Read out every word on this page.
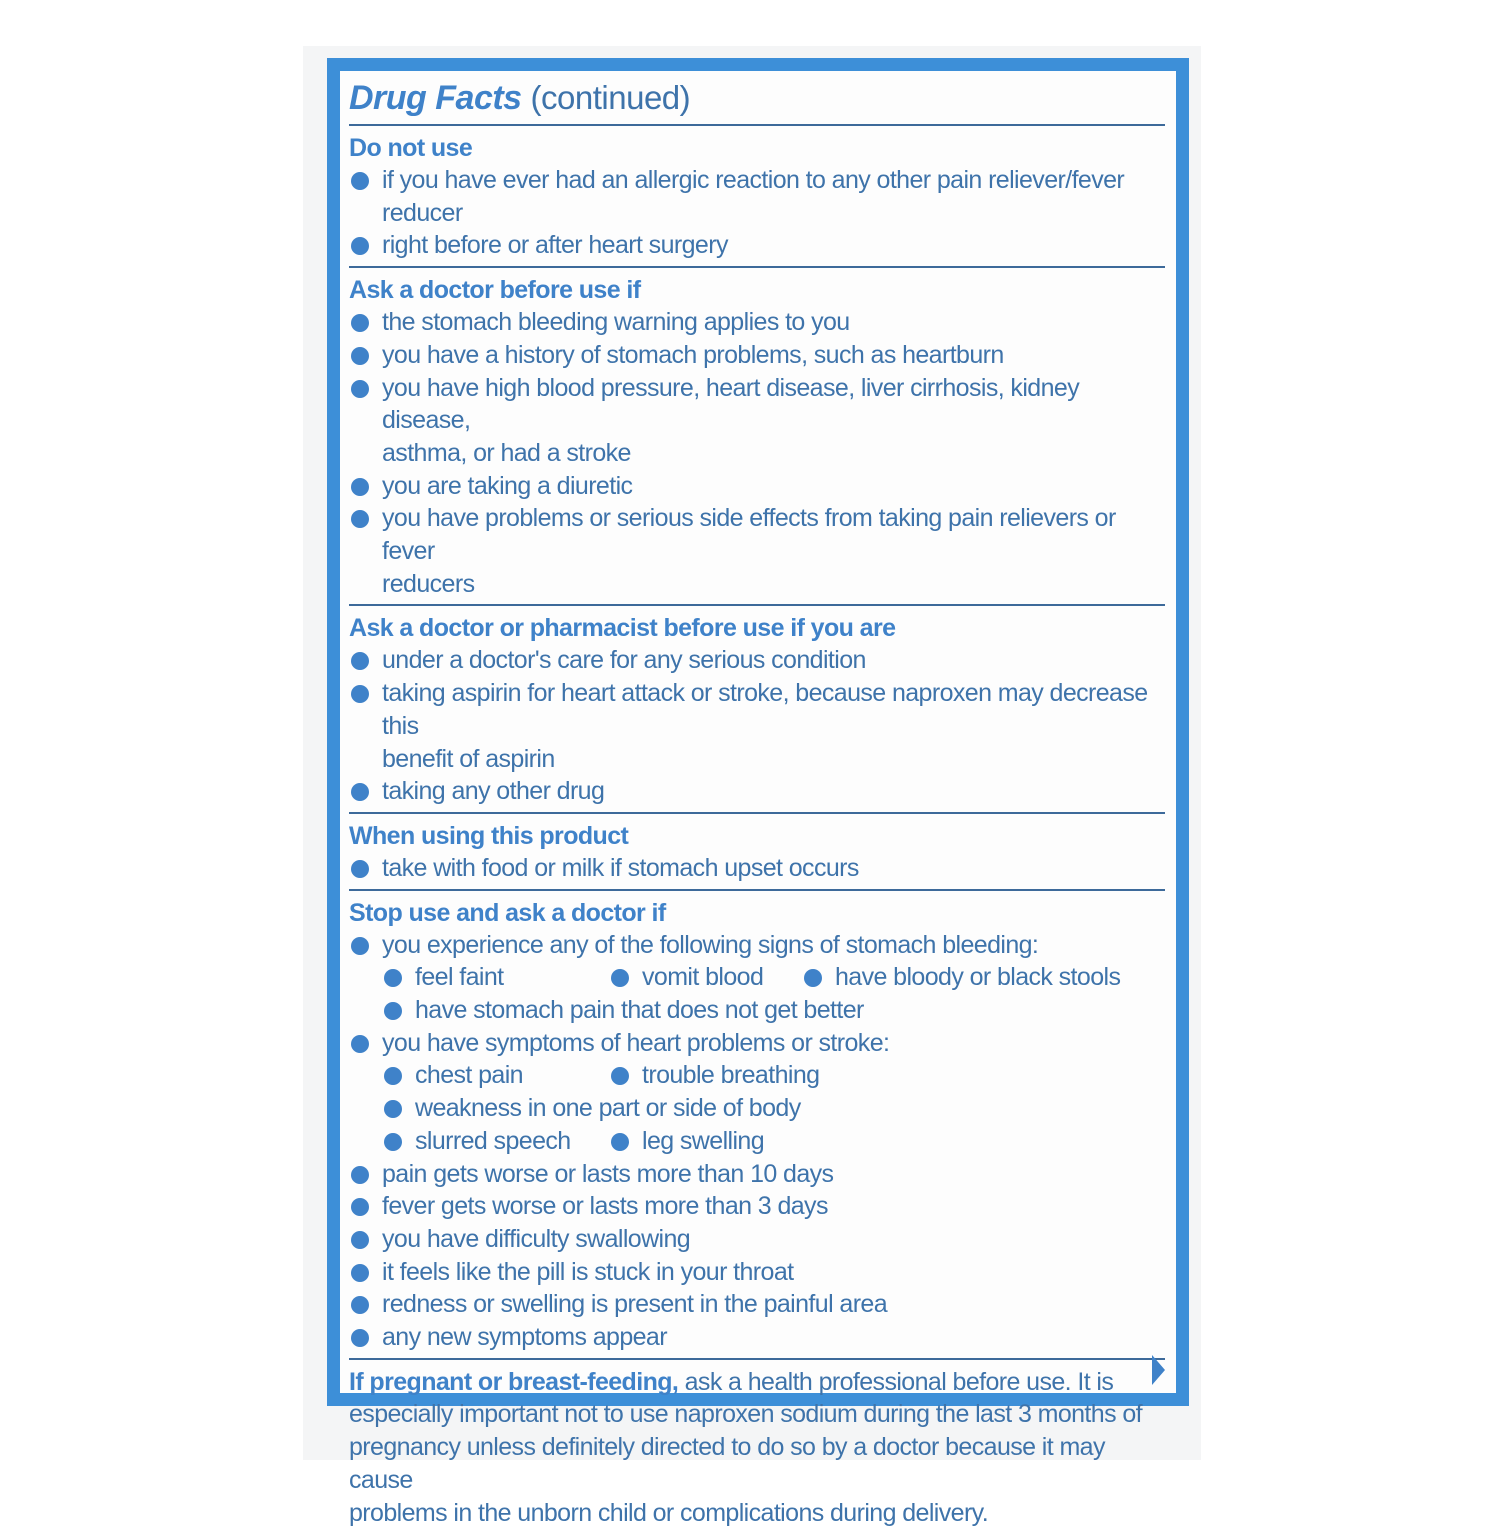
Drug Facts (continued)
Do not use
if you have ever had an allergic reaction to any other pain reliever/fever
reducer
right before or after heart surgery
Ask a doctor before use if
the stomach bleeding warning applies to you
you have a history of stomach problems, such as heartburn
you have high blood pressure, heart disease, liver cirrhosis, kidney disease,
asthma, or had a stroke
you are taking a diuretic
you have problems or serious side effects from taking pain relievers or fever
reducers
Ask a doctor or pharmacist before use if you are
under a doctor's care for any serious condition
taking aspirin for heart attack or stroke, because naproxen may decrease this
benefit of aspirin
taking any other drug
When using this product
take with food or milk if stomach upset occurs
Stop use and ask a doctor if
you experience any of the following signs of stomach bleeding:
feel faint	vomit blood	have bloody or black stools
have stomach pain that does not get better
you have symptoms of heart problems or stroke:
chest pain	trouble breathing
weakness in one part or side of body
slurred speech	leg swelling
pain gets worse or lasts more than 10 days
fever gets worse or lasts more than 3 days
you have difficulty swallowing
it feels like the pill is stuck in your throat
redness or swelling is present in the painful area
any new symptoms appear
If pregnant or breast-feeding, ask a health professional before use. It is
especially important not to use naproxen sodium during the last 3 months of
pregnancy unless definitely directed to do so by a doctor because it may cause
problems in the unborn child or complications during delivery.
